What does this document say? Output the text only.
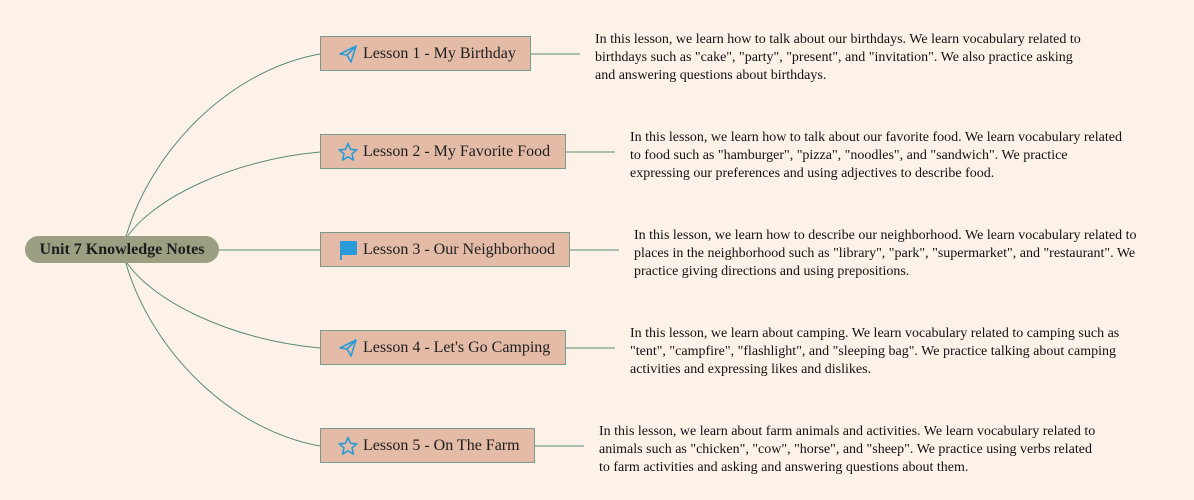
Unit 7 Knowledge Notes
Lesson 1 - My Birthday

In this lesson, we learn how to talk about our birthdays. We learn vocabulary related to birthdays such as "cake", "party", "present", and "invitation". We also practice asking and answering questions about birthdays.

Lesson 2 - My Favorite Food

In this lesson, we learn how to talk about our favorite food. We learn vocabulary related to food such as "hamburger", "pizza", "noodles", and "sandwich". We practice expressing our preferences and using adjectives to describe food.

Lesson 3 - Our Neighborhood

In this lesson, we learn how to describe our neighborhood. We learn vocabulary related to places in the neighborhood such as "library", "park", "supermarket", and "restaurant". We practice giving directions and using prepositions.

Lesson 4 - Let's Go Camping

In this lesson, we learn about camping. We learn vocabulary related to camping such as "tent", "campfire", "flashlight", and "sleeping bag". We practice talking about camping activities and expressing likes and dislikes.

Lesson 5 - On The Farm

In this lesson, we learn about farm animals and activities. We learn vocabulary related to animals such as "chicken", "cow", "horse", and "sheep". We practice using verbs related to farm activities and asking and answering questions about them.
